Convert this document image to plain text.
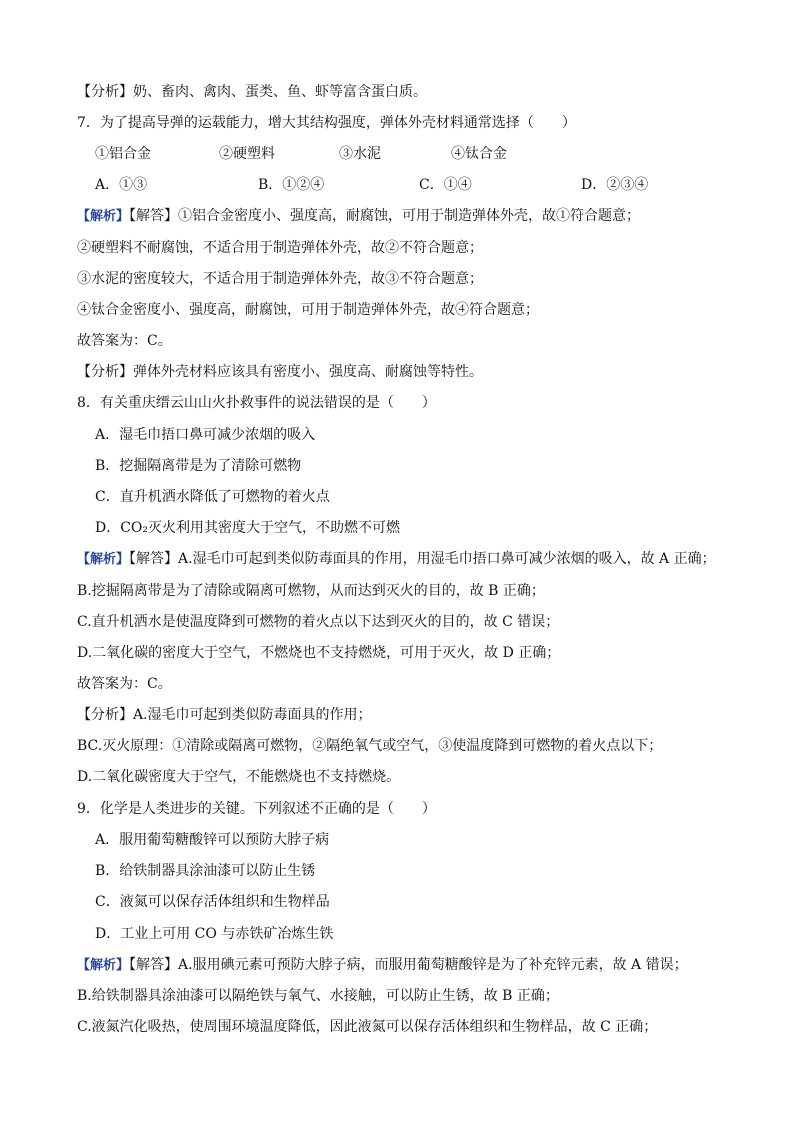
【分析】奶、畜肉、禽肉、蛋类、鱼、虾等富含蛋白质。
7．为了提高导弹的运载能力，增大其结构强度，弹体外壳材料通常选择（　　）
①铝合金	②硬塑料	③水泥	④钛合金
A．①③	B．①②④	C．①④	D．②③④
【解析】【解答】①铝合金密度小、强度高，耐腐蚀，可用于制造弹体外壳，故①符合题意；
②硬塑料不耐腐蚀，不适合用于制造弹体外壳，故②不符合题意；
③水泥的密度较大，不适合用于制造弹体外壳，故③不符合题意；
④钛合金密度小、强度高，耐腐蚀，可用于制造弹体外壳，故④符合题意；
故答案为：C。
【分析】弹体外壳材料应该具有密度小、强度高、耐腐蚀等特性。
8．有关重庆缙云山山火扑救事件的说法错误的是（　　）
A．湿毛巾捂口鼻可减少浓烟的吸入
B．挖掘隔离带是为了清除可燃物
C．直升机洒水降低了可燃物的着火点
D．CO₂灭火利用其密度大于空气，不助燃不可燃
【解析】【解答】A.湿毛巾可起到类似防毒面具的作用，用湿毛巾捂口鼻可减少浓烟的吸入，故 A 正确；
B.挖掘隔离带是为了清除或隔离可燃物，从而达到灭火的目的，故 B 正确；
C.直升机洒水是使温度降到可燃物的着火点以下达到灭火的目的，故 C 错误；
D.二氧化碳的密度大于空气，不燃烧也不支持燃烧，可用于灭火，故 D 正确；
故答案为：C。
【分析】A.湿毛巾可起到类似防毒面具的作用；
BC.灭火原理：①清除或隔离可燃物，②隔绝氧气或空气，③使温度降到可燃物的着火点以下；
D.二氧化碳密度大于空气，不能燃烧也不支持燃烧。
9．化学是人类进步的关键。下列叙述不正确的是（　　）
A．服用葡萄糖酸锌可以预防大脖子病
B．给铁制器具涂油漆可以防止生锈
C．液氮可以保存活体组织和生物样品
D．工业上可用 CO 与赤铁矿冶炼生铁
【解析】【解答】A.服用碘元素可预防大脖子病，而服用葡萄糖酸锌是为了补充锌元素，故 A 错误；
B.给铁制器具涂油漆可以隔绝铁与氧气、水接触，可以防止生锈，故 B 正确；
C.液氮汽化吸热，使周围环境温度降低，因此液氮可以保存活体组织和生物样品，故 C 正确；
